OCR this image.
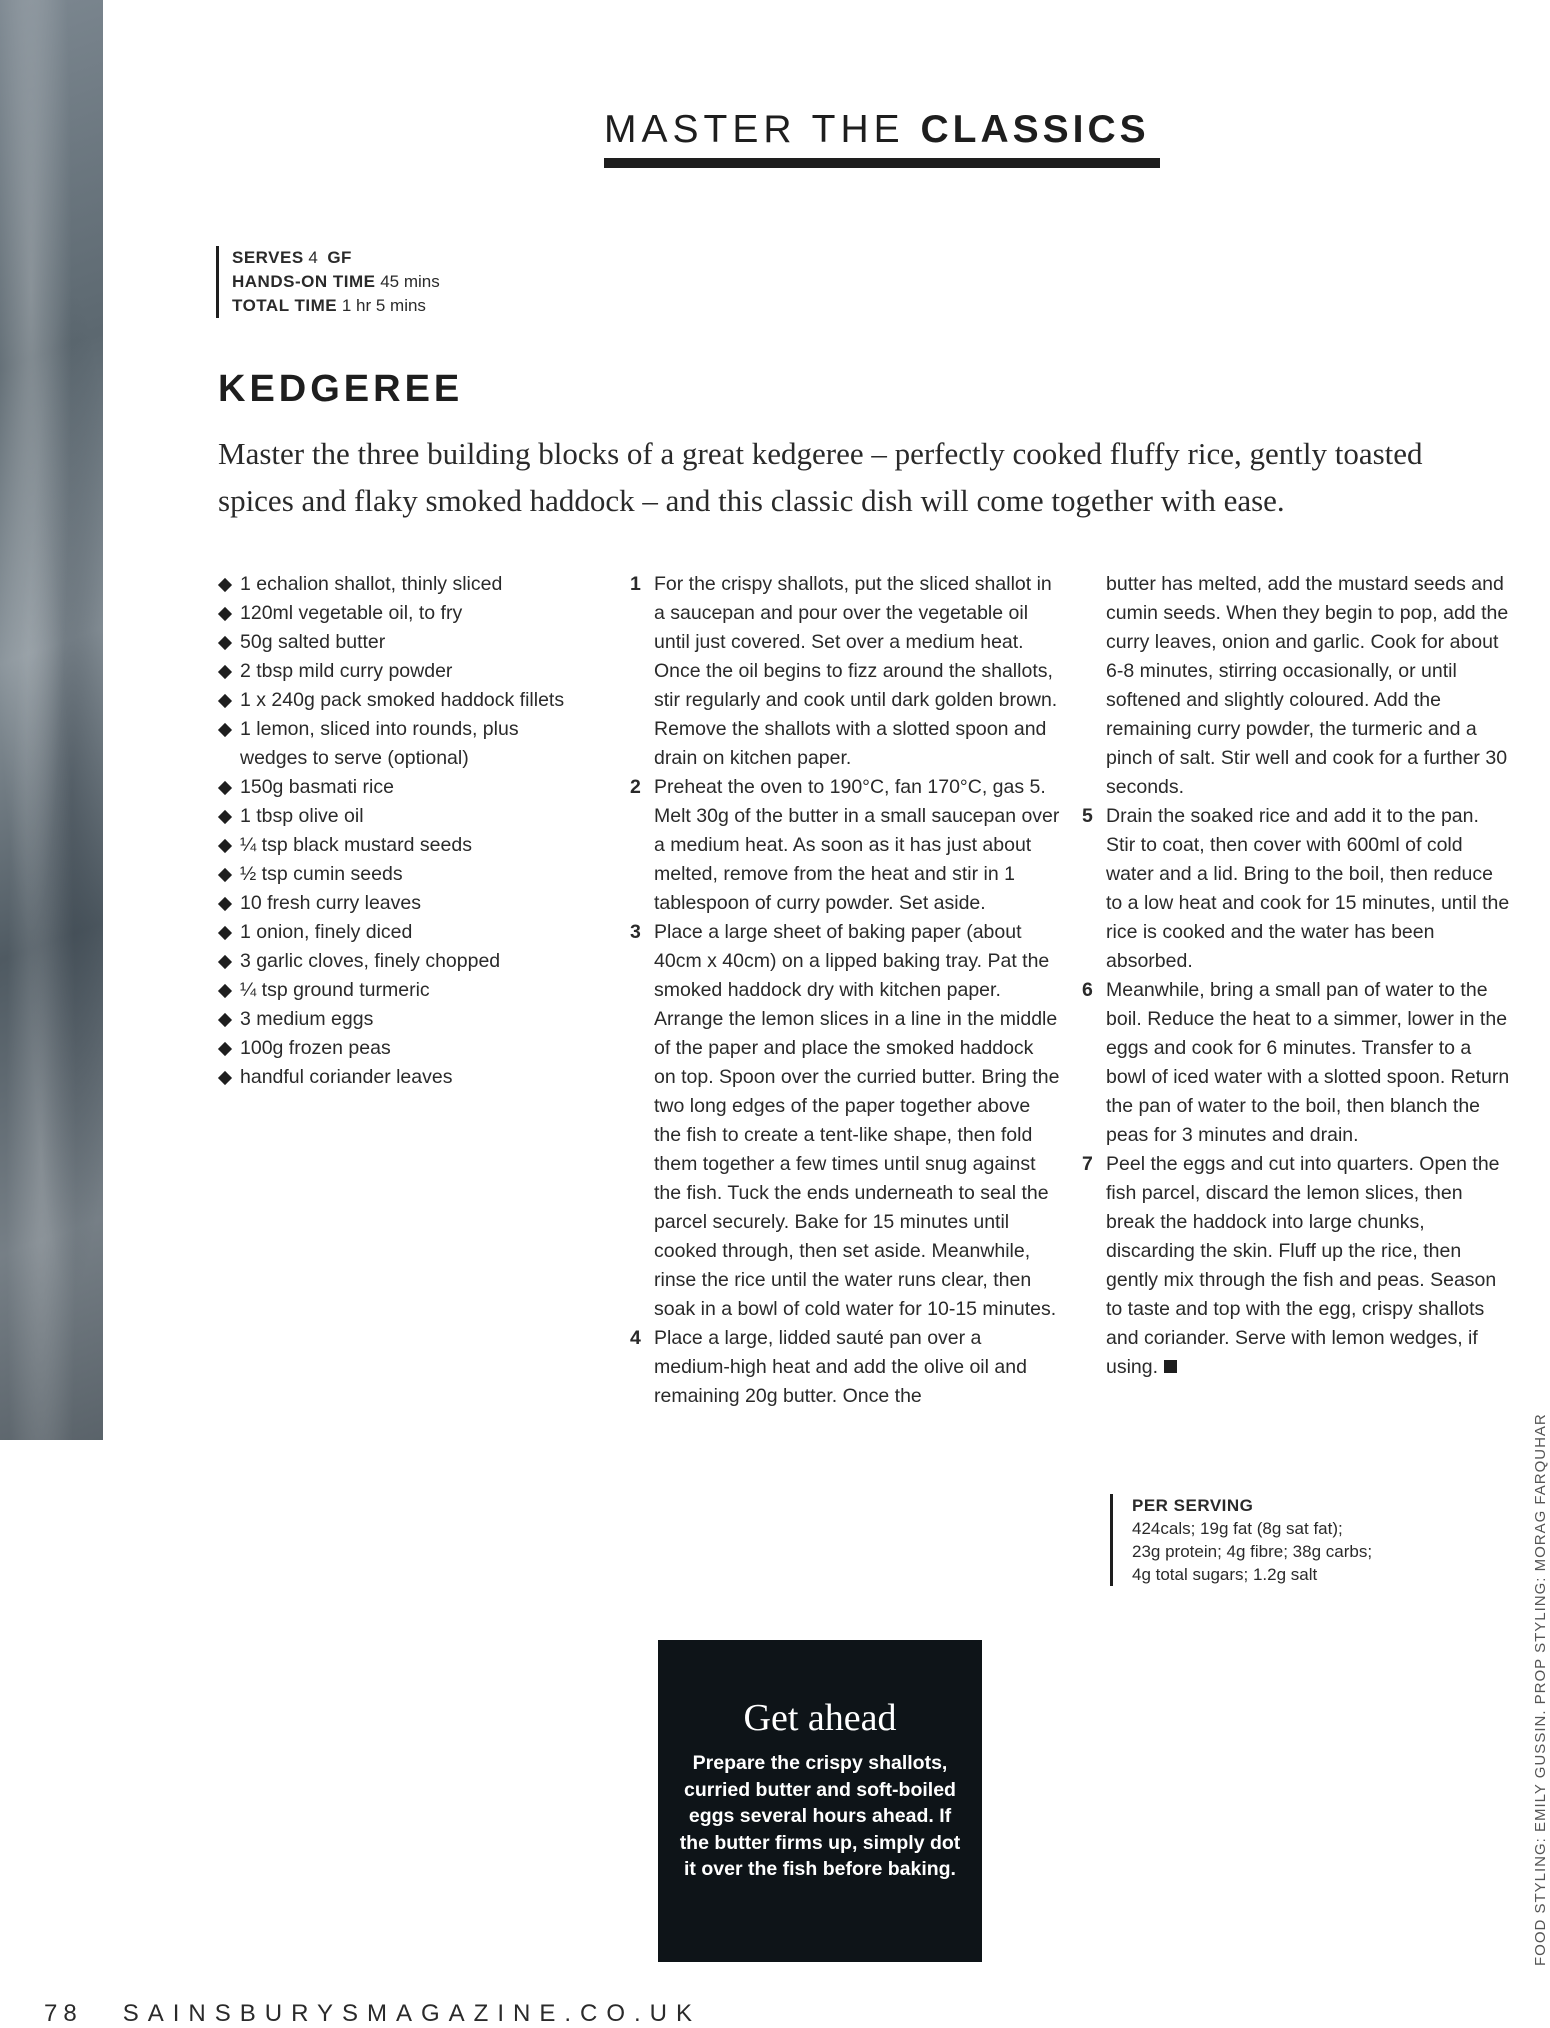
MASTER THE CLASSICS
SERVES 4 GF
HANDS-ON TIME 45 mins
TOTAL TIME 1 hr 5 mins
KEDGEREE
Master the three building blocks of a great kedgeree – perfectly cooked fluffy rice, gently toasted spices and flaky smoked haddock – and this classic dish will come together with ease.
1 echalion shallot, thinly sliced
120ml vegetable oil, to fry
50g salted butter
2 tbsp mild curry powder
1 x 240g pack smoked haddock fillets
1 lemon, sliced into rounds, plus wedges to serve (optional)
150g basmati rice
1 tbsp olive oil
¼ tsp black mustard seeds
½ tsp cumin seeds
10 fresh curry leaves
1 onion, finely diced
3 garlic cloves, finely chopped
¼ tsp ground turmeric
3 medium eggs
100g frozen peas
handful coriander leaves
1 For the crispy shallots, put the sliced shallot in a saucepan and pour over the vegetable oil until just covered. Set over a medium heat. Once the oil begins to fizz around the shallots, stir regularly and cook until dark golden brown. Remove the shallots with a slotted spoon and drain on kitchen paper.
2 Preheat the oven to 190°C, fan 170°C, gas 5. Melt 30g of the butter in a small saucepan over a medium heat. As soon as it has just about melted, remove from the heat and stir in 1 tablespoon of curry powder. Set aside.
3 Place a large sheet of baking paper (about 40cm x 40cm) on a lipped baking tray. Pat the smoked haddock dry with kitchen paper. Arrange the lemon slices in a line in the middle of the paper and place the smoked haddock on top. Spoon over the curried butter. Bring the two long edges of the paper together above the fish to create a tent-like shape, then fold them together a few times until snug against the fish. Tuck the ends underneath to seal the parcel securely. Bake for 15 minutes until cooked through, then set aside. Meanwhile, rinse the rice until the water runs clear, then soak in a bowl of cold water for 10-15 minutes.
4 Place a large, lidded sauté pan over a medium-high heat and add the olive oil and remaining 20g butter. Once the
butter has melted, add the mustard seeds and cumin seeds. When they begin to pop, add the curry leaves, onion and garlic. Cook for about 6-8 minutes, stirring occasionally, or until softened and slightly coloured. Add the remaining curry powder, the turmeric and a pinch of salt. Stir well and cook for a further 30 seconds.
5 Drain the soaked rice and add it to the pan. Stir to coat, then cover with 600ml of cold water and a lid. Bring to the boil, then reduce to a low heat and cook for 15 minutes, until the rice is cooked and the water has been absorbed.
6 Meanwhile, bring a small pan of water to the boil. Reduce the heat to a simmer, lower in the eggs and cook for 6 minutes. Transfer to a bowl of iced water with a slotted spoon. Return the pan of water to the boil, then blanch the peas for 3 minutes and drain.
7 Peel the eggs and cut into quarters. Open the fish parcel, discard the lemon slices, then break the haddock into large chunks, discarding the skin. Fluff up the rice, then gently mix through the fish and peas. Season to taste and top with the egg, crispy shallots and coriander. Serve with lemon wedges, if using.
PER SERVING
424cals; 19g fat (8g sat fat);
23g protein; 4g fibre; 38g carbs;
4g total sugars; 1.2g salt
Get ahead
Prepare the crispy shallots, curried butter and soft-boiled eggs several hours ahead. If the butter firms up, simply dot it over the fish before baking.	FOOD STYLING: EMILY GUSSIN. PROP STYLING: MORAG FARQUHAR
78 SAINSBURYSMAGAZINE.CO.UK
